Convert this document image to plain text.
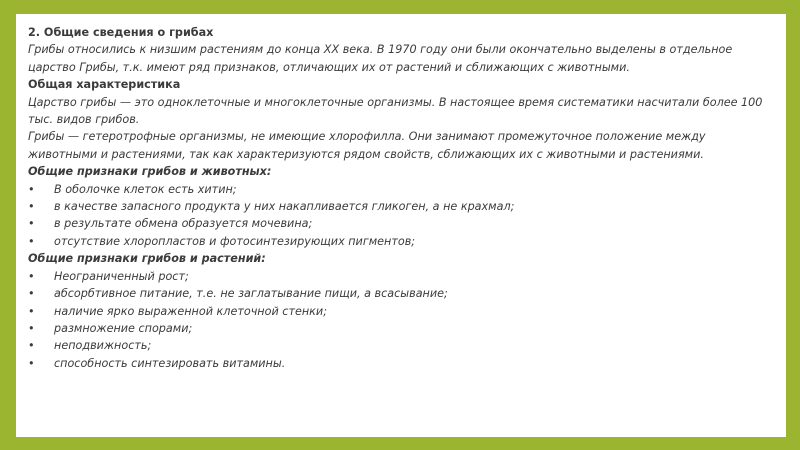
2. Общие сведения о грибах

Грибы относились к низшим растениям до конца XX века. В 1970 году они были окончательно выделены в отдельное царство Грибы, т.к. имеют ряд признаков, отличающих их от растений и сближающих с животными.

Общая характеристика

Царство грибы — это одноклеточные и многоклеточные организмы. В настоящее время систематики насчитали более 100 тыс. видов грибов.

Грибы — гетеротрофные организмы, не имеющие хлорофилла. Они занимают промежуточное положение между животными и растениями, так как характеризуются рядом свойств, сближающих их с животными и растениями.

Общие признаки грибов и животных:

•	В оболочке клеток есть хитин;
•	в качестве запасного продукта у них накапливается гликоген, а не крахмал;
•	в результате обмена образуется мочевина;
•	отсутствие хлоропластов и фотосинтезирующих пигментов;

Общие признаки грибов и растений:

•	Неограниченный рост;
•	абсорбтивное питание, т.е. не заглатывание пищи, а всасывание;
•	наличие ярко выраженной клеточной стенки;
•	размножение спорами;
•	неподвижность;
•	способность синтезировать витамины.
